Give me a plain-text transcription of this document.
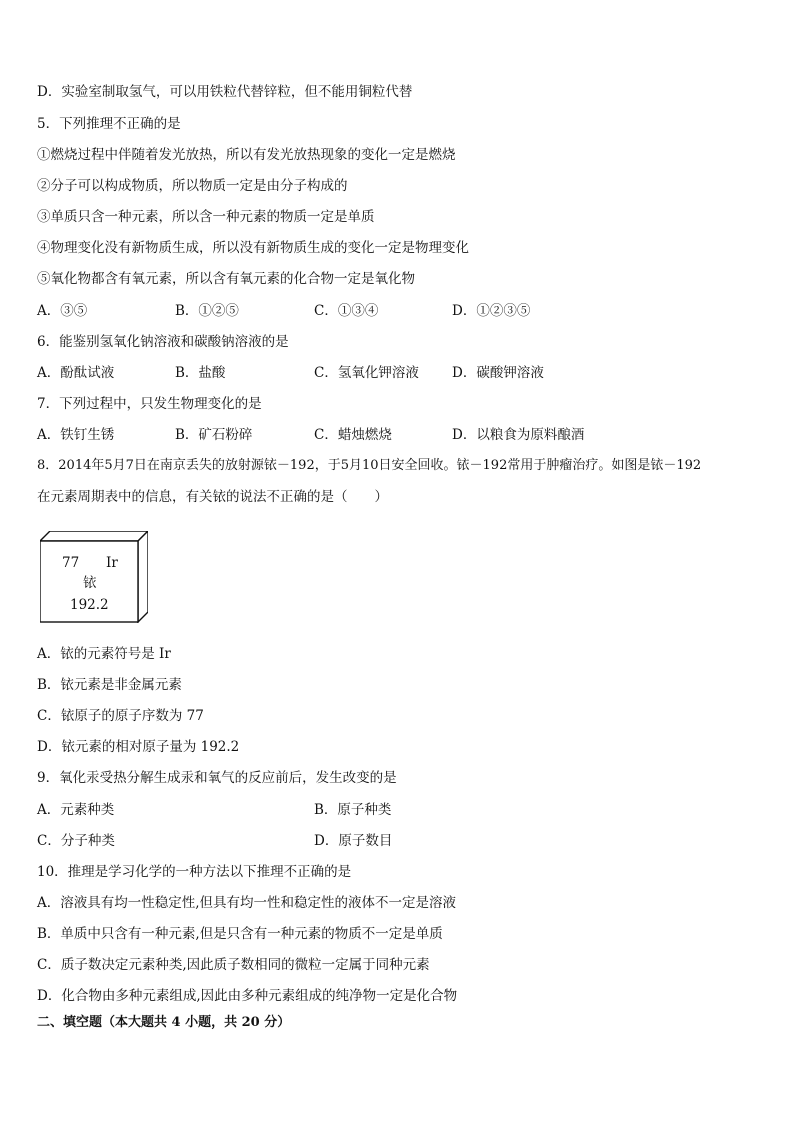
D．实验室制取氢气，可以用铁粒代替锌粒，但不能用铜粒代替
5．下列推理不正确的是
①燃烧过程中伴随着发光放热，所以有发光放热现象的变化一定是燃烧
②分子可以构成物质，所以物质一定是由分子构成的
③单质只含一种元素，所以含一种元素的物质一定是单质
④物理变化没有新物质生成，所以没有新物质生成的变化一定是物理变化
⑤氧化物都含有氧元素，所以含有氧元素的化合物一定是氧化物
A．③⑤	B．①②⑤	C．①③④	D．①②③⑤
6．能鉴别氢氧化钠溶液和碳酸钠溶液的是
A．酚酞试液	B．盐酸	C．氢氧化钾溶液 D．碳酸钾溶液
7．下列过程中，只发生物理变化的是
A．铁钉生锈	B．矿石粉碎	C．蜡烛燃烧	D．以粮食为原料酿酒
8．2014年5月7日在南京丢失的放射源铱－192，于5月10日安全回收。铱－192常用于肿瘤治疗。如图是铱－192
在元素周期表中的信息，有关铱的说法不正确的是（　　）
77 Ir
铱
192.2
A．铱的元素符号是 Ir
B．铱元素是非金属元素
C．铱原子的原子序数为 77
D．铱元素的相对原子量为 192.2
9．氧化汞受热分解生成汞和氧气的反应前后，发生改变的是
A．元素种类	B．原子种类
C．分子种类	D．原子数目
10．推理是学习化学的一种方法以下推理不正确的是
A．溶液具有均一性稳定性,但具有均一性和稳定性的液体不一定是溶液
B．单质中只含有一种元素,但是只含有一种元素的物质不一定是单质
C．质子数决定元素种类,因此质子数相同的微粒一定属于同种元素
D．化合物由多种元素组成,因此由多种元素组成的纯净物一定是化合物
二、填空题（本大题共 4 小题，共 20 分）
